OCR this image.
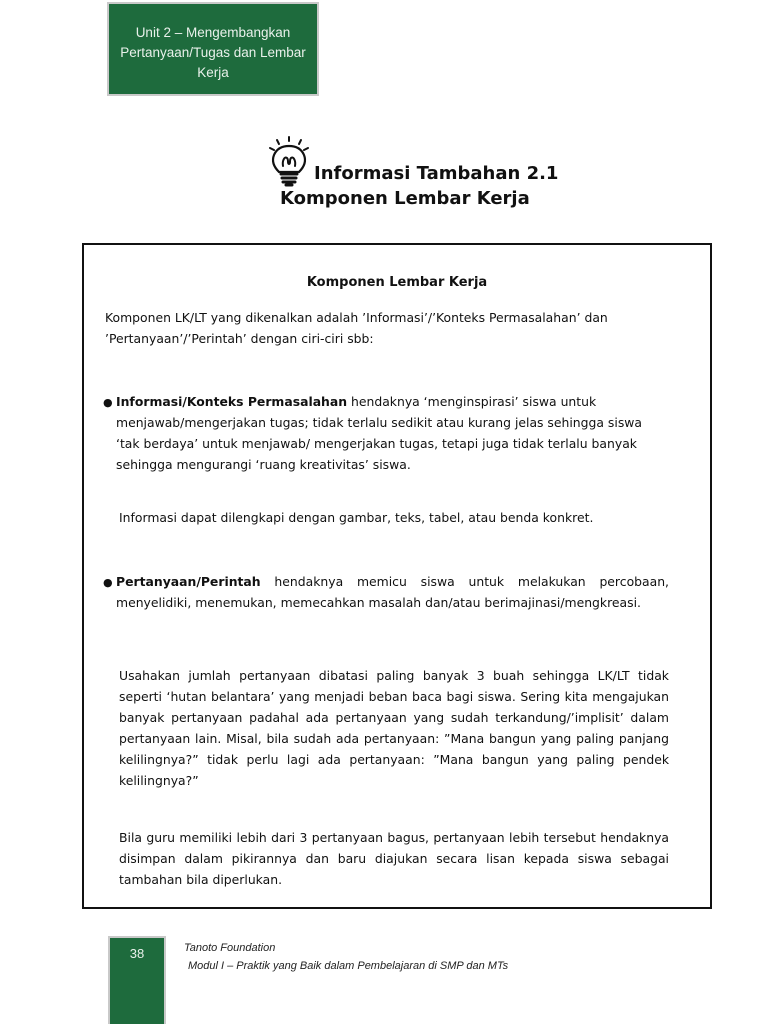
Unit 2 – Mengembangkan
Pertanyaan/Tugas dan Lembar
Kerja
Informasi Tambahan 2.1
Komponen Lembar Kerja
Komponen Lembar Kerja
Komponen LK/LT yang dikenalkan adalah ’Informasi’/’Konteks Permasalahan’ dan ’Pertanyaan’/’Perintah’ dengan ciri-ciri sbb:
● Informasi/Konteks Permasalahan hendaknya ‘menginspirasi’ siswa untuk menjawab/mengerjakan tugas; tidak terlalu sedikit atau kurang jelas sehingga siswa ‘tak berdaya’ untuk menjawab/ mengerjakan tugas, tetapi juga tidak terlalu banyak sehingga mengurangi ‘ruang kreativitas’ siswa.
Informasi dapat dilengkapi dengan gambar, teks, tabel, atau benda konkret.
● Pertanyaan/Perintah hendaknya memicu siswa untuk melakukan percobaan, menyelidiki, menemukan, memecahkan masalah dan/atau berimajinasi/mengkreasi.
Usahakan jumlah pertanyaan dibatasi paling banyak 3 buah sehingga LK/LT tidak seperti ‘hutan belantara’ yang menjadi beban baca bagi siswa. Sering kita mengajukan banyak pertanyaan padahal ada pertanyaan yang sudah terkandung/’implisit’ dalam pertanyaan lain. Misal, bila sudah ada pertanyaan: ”Mana bangun yang paling panjang kelilingnya?” tidak perlu lagi ada pertanyaan: ”Mana bangun yang paling pendek kelilingnya?”
Bila guru memiliki lebih dari 3 pertanyaan bagus, pertanyaan lebih tersebut hendaknya disimpan dalam pikirannya dan baru diajukan secara lisan kepada siswa sebagai tambahan bila diperlukan.
38	Tanoto Foundation
Modul I – Praktik yang Baik dalam Pembelajaran di SMP dan MTs
